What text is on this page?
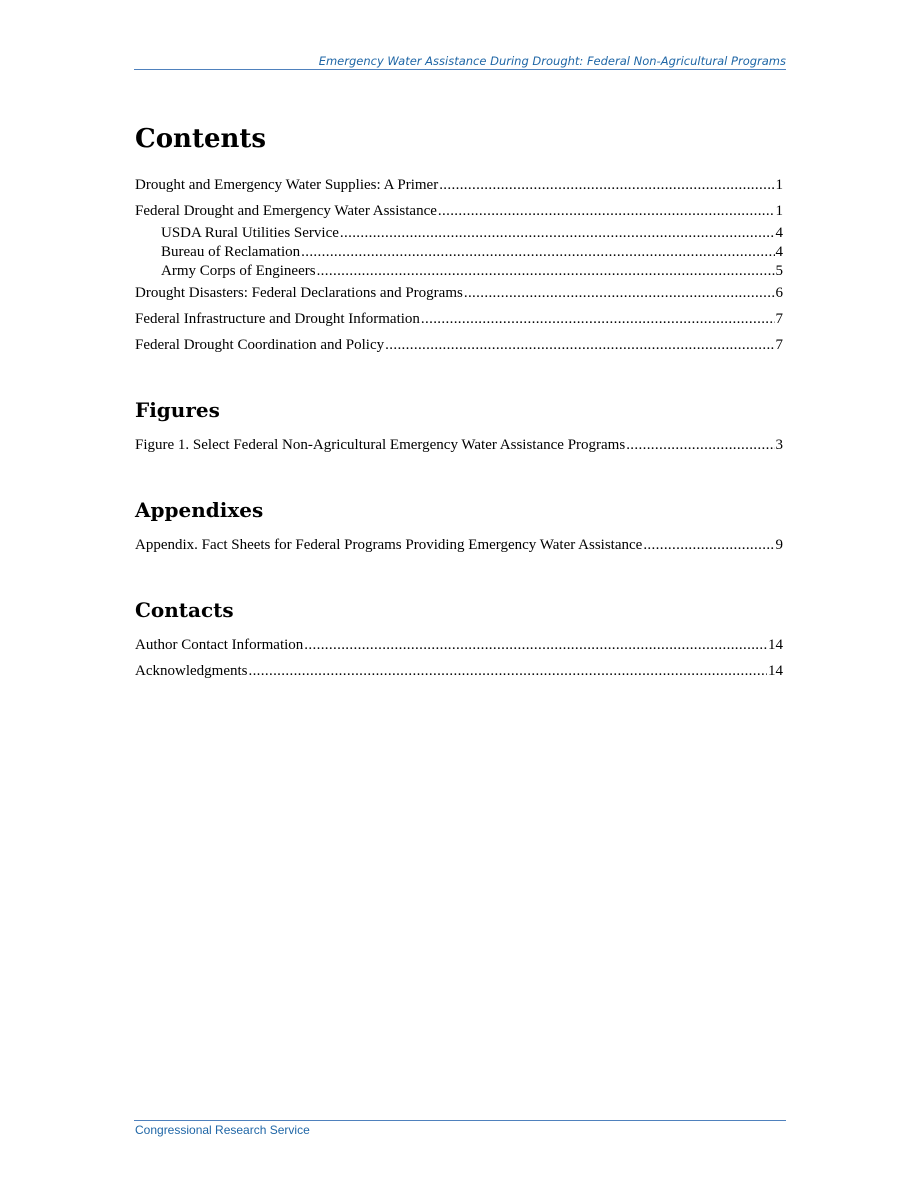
Emergency Water Assistance During Drought: Federal Non-Agricultural Programs
Contents
Drought and Emergency Water Supplies: A Primer . . .	1
Federal Drought and Emergency Water Assistance . . .	1
USDA Rural Utilities Service . . .	4
Bureau of Reclamation . . .	4
Army Corps of Engineers . . .	5
Drought Disasters: Federal Declarations and Programs . . .	6
Federal Infrastructure and Drought Information . . .	7
Federal Drought Coordination and Policy . . .	7
Figures
Figure 1. Select Federal Non-Agricultural Emergency Water Assistance Programs . . .	3
Appendixes
Appendix. Fact Sheets for Federal Programs Providing Emergency Water Assistance . . .	9
Contacts
Author Contact Information . . .	14
Acknowledgments . . .	14
Congressional Research Service
